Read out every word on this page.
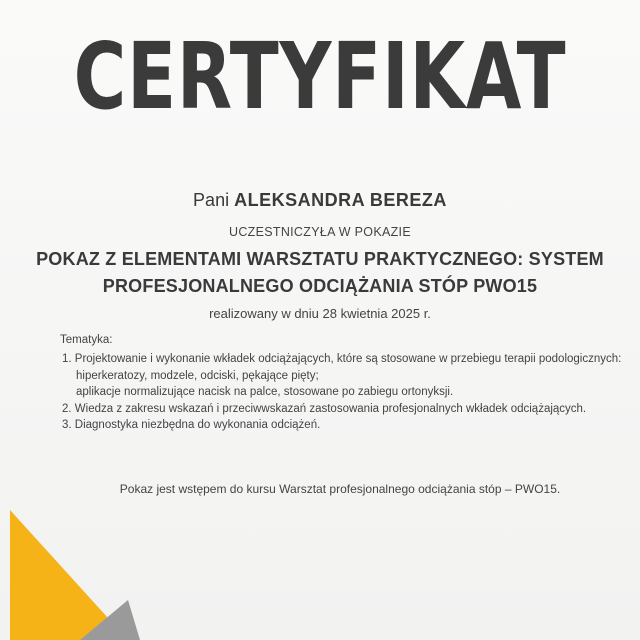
CERTYFIKAT
Pani ALEKSANDRA BEREZA
UCZESTNICZYŁA W POKAZIE
POKAZ Z ELEMENTAMI WARSZTATU PRAKTYCZNEGO: SYSTEM
PROFESJONALNEGO ODCIĄŻANIA STÓP PWO15
realizowany w dniu 28 kwietnia 2025 r.
Tematyka:
1. Projektowanie i wykonanie wkładek odciążających, które są stosowane w przebiegu terapii podologicznych:
hiperkeratozy, modzele, odciski, pękające pięty;
aplikacje normalizujące nacisk na palce, stosowane po zabiegu ortonyksji.
2. Wiedza z zakresu wskazań i przeciwwskazań zastosowania profesjonalnych wkładek odciążających.
3. Diagnostyka niezbędna do wykonania odciążeń.
Pokaz jest wstępem do kursu Warsztat profesjonalnego odciążania stóp – PWO15.
